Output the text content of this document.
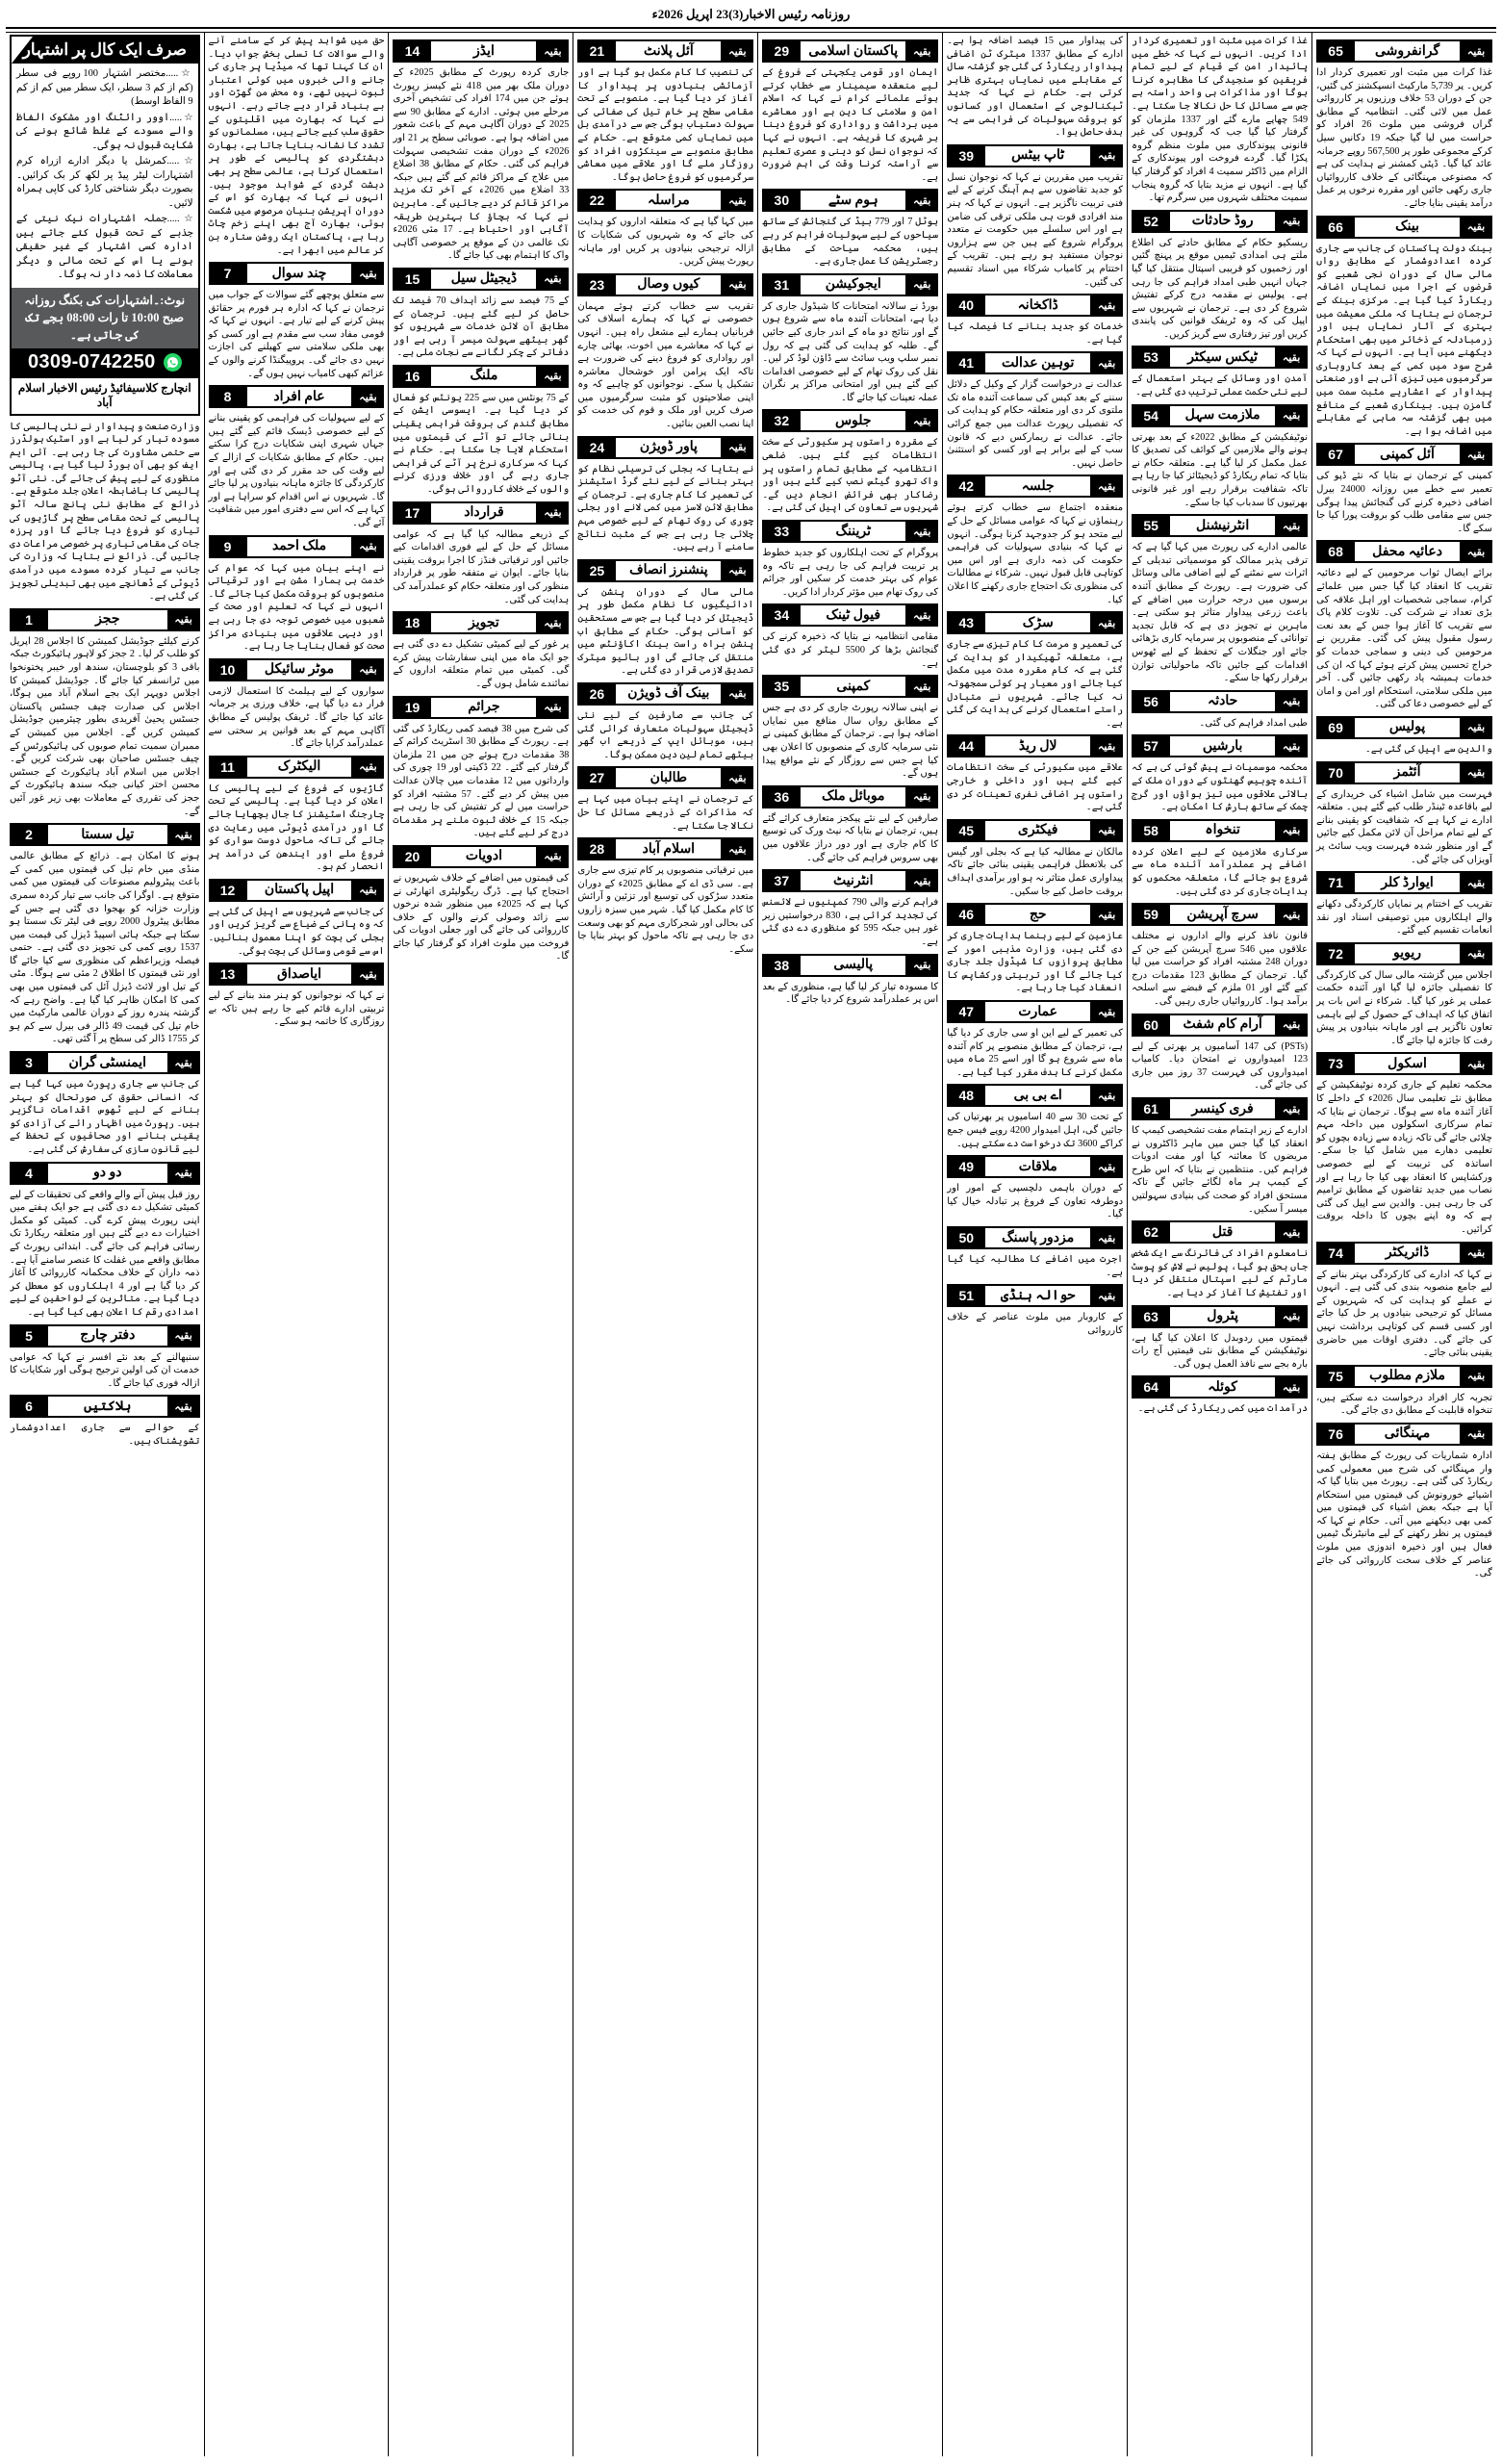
روزنامہ رئیس الاخبار(3)23 اپریل 2026ء
بقیہ
گرانفروشی
65

غذا کرات میں مثبت اور تعمیری کردار ادا کریں۔ پر 5,739 مارکیٹ انسپکشنز کی گئیں، جن کے دوران 53 خلاف ورزیوں پر کارروائی عمل میں لائی گئی۔ انتظامیہ کے مطابق گراں فروشی میں ملوث 26 افراد کو حراست میں لیا گیا جبکہ 19 دکانیں سیل کرکے مجموعی طور پر 567,500 روپے جرمانہ عائد کیا گیا۔ ڈپٹی کمشنر نے ہدایت کی ہے کہ مصنوعی مہنگائی کے خلاف کارروائیاں جاری رکھی جائیں اور مقررہ نرخوں پر عمل درآمد یقینی بنایا جائے۔

بقیہ
بینک
66

بینک دولت پاکستان کی جانب سے جاری کردہ اعدادوشمار کے مطابق رواں مالی سال کے دوران نجی شعبے کو قرضوں کے اجرا میں نمایاں اضافہ ریکارڈ کیا گیا ہے۔ مرکزی بینک کے ترجمان نے بتایا کہ ملکی معیشت میں بہتری کے آثار نمایاں ہیں اور زرمبادلہ کے ذخائر میں بھی استحکام دیکھنے میں آیا ہے۔ انہوں نے کہا کہ شرح سود میں کمی کے بعد کاروباری سرگرمیوں میں تیزی آئی ہے اور صنعتی پیداوار کے اعشاریے مثبت سمت میں گامزن ہیں۔ بینکاری شعبے کے منافع میں بھی گزشتہ سہ ماہی کے مقابلے میں اضافہ ہوا ہے۔

بقیہ
آئل کمپنی
67

کمپنی کے ترجمان نے بتایا کہ نئے ڈپو کی تعمیر سے خطے میں روزانہ 24000 بیرل اضافی ذخیرہ کرنے کی گنجائش پیدا ہوگی جس سے مقامی طلب کو بروقت پورا کیا جا سکے گا۔

بقیہ
دعائیہ محفل
68

برائے ایصال ثواب مرحومین کے لیے دعائیہ تقریب کا انعقاد کیا گیا جس میں علمائے کرام، سماجی شخصیات اور اہل علاقہ کی بڑی تعداد نے شرکت کی۔ تلاوت کلام پاک سے تقریب کا آغاز ہوا جس کے بعد نعت رسول مقبول پیش کی گئی۔ مقررین نے مرحومین کی دینی و سماجی خدمات کو خراج تحسین پیش کرتے ہوئے کہا کہ ان کی خدمات ہمیشہ یاد رکھی جائیں گی۔ آخر میں ملکی سلامتی، استحکام اور امن و امان کے لیے خصوصی دعا کی گئی۔

بقیہ
پولیس
69

والدین سے اپیل کی گئی ہے۔

بقیہ
آئٹمز
70

فہرست میں شامل اشیاء کی خریداری کے لیے باقاعدہ ٹینڈر طلب کیے گئے ہیں۔ متعلقہ ادارے نے کہا ہے کہ شفافیت کو یقینی بنانے کے لیے تمام مراحل آن لائن مکمل کیے جائیں گے اور منظور شدہ فہرست ویب سائٹ پر آویزاں کی جائے گی۔

بقیہ
ایوارڈ کلر
71

تقریب کے اختتام پر نمایاں کارکردگی دکھانے والے اہلکاروں میں توصیفی اسناد اور نقد انعامات تقسیم کیے گئے۔

بقیہ
ریویو
72

اجلاس میں گزشتہ مالی سال کی کارکردگی کا تفصیلی جائزہ لیا گیا اور آئندہ حکمت عملی پر غور کیا گیا۔ شرکاء نے اس بات پر اتفاق کیا کہ اہداف کے حصول کے لیے باہمی تعاون ناگزیر ہے اور ماہانہ بنیادوں پر پیش رفت کا جائزہ لیا جائے گا۔

بقیہ
اسکول
73

محکمہ تعلیم کے جاری کردہ نوٹیفکیشن کے مطابق نئے تعلیمی سال 2026ء کے داخلے کا آغاز آئندہ ماہ سے ہوگا۔ ترجمان نے بتایا کہ تمام سرکاری اسکولوں میں داخلہ مہم چلائی جائے گی تاکہ زیادہ سے زیادہ بچوں کو تعلیمی دھارے میں شامل کیا جا سکے۔ اساتذہ کی تربیت کے لیے خصوصی ورکشاپس کا انعقاد بھی کیا جا رہا ہے اور نصاب میں جدید تقاضوں کے مطابق ترامیم کی جا رہی ہیں۔ والدین سے اپیل کی گئی ہے کہ وہ اپنے بچوں کا داخلہ بروقت کرائیں۔

بقیہ
ڈائریکٹر
74

نے کہا کہ ادارے کی کارکردگی بہتر بنانے کے لیے جامع منصوبہ بندی کی گئی ہے۔ انہوں نے عملے کو ہدایت کی کہ شہریوں کے مسائل کو ترجیحی بنیادوں پر حل کیا جائے اور کسی قسم کی کوتاہی برداشت نہیں کی جائے گی۔ دفتری اوقات میں حاضری یقینی بنائی جائے۔

بقیہ
ملازم مطلوب
75

تجربہ کار افراد درخواست دے سکتے ہیں، تنخواہ قابلیت کے مطابق دی جائے گی۔

بقیہ
مہنگائی
76

ادارہ شماریات کی رپورٹ کے مطابق ہفتہ وار مہنگائی کی شرح میں معمولی کمی ریکارڈ کی گئی ہے۔ رپورٹ میں بتایا گیا کہ اشیائے خورونوش کی قیمتوں میں استحکام آیا ہے جبکہ بعض اشیاء کی قیمتوں میں کمی بھی دیکھنے میں آئی۔ حکام نے کہا کہ قیمتوں پر نظر رکھنے کے لیے مانیٹرنگ ٹیمیں فعال ہیں اور ذخیرہ اندوزی میں ملوث عناصر کے خلاف سخت کارروائی کی جائے گی۔

غذا کرات میں مثبت اور تعمیری کردار ادا کریں۔ انہوں نے کہا کہ خطے میں پائیدار امن کے قیام کے لیے تمام فریقین کو سنجیدگی کا مظاہرہ کرنا ہوگا اور مذاکرات ہی واحد راستہ ہے جس سے مسائل کا حل نکالا جا سکتا ہے۔ 549 چھاپے مارے گئے اور 1337 ملزمان کو گرفتار کیا گیا جب کہ گروہوں کی غیر قانونی پیوندکاری میں ملوث منظم گروہ پکڑا گیا۔ گردے فروخت اور پیوندکاری کے الزام میں ڈاکٹر سمیت 4 افراد کو گرفتار کیا گیا ہے۔ انہوں نے مزید بتایا کہ گروہ پنجاب سمیت مختلف شہروں میں سرگرم تھا۔

بقیہ
روڈ حادثات
52

ریسکیو حکام کے مطابق حادثے کی اطلاع ملتے ہی امدادی ٹیمیں موقع پر پہنچ گئیں اور زخمیوں کو قریبی اسپتال منتقل کیا گیا جہاں انہیں طبی امداد فراہم کی جا رہی ہے۔ پولیس نے مقدمہ درج کرکے تفتیش شروع کر دی ہے۔ ترجمان نے شہریوں سے اپیل کی کہ وہ ٹریفک قوانین کی پابندی کریں اور تیز رفتاری سے گریز کریں۔

بقیہ
ٹیکس سیکٹر
53

آمدن اور وسائل کے بہتر استعمال کے لیے نئی حکمت عملی ترتیب دی گئی ہے۔

بقیہ
ملازمت سہل
54

نوٹیفکیشن کے مطابق 2022ء کے بعد بھرتی ہونے والے ملازمین کے کوائف کی تصدیق کا عمل مکمل کر لیا گیا ہے۔ متعلقہ حکام نے بتایا کہ تمام ریکارڈ کو ڈیجیٹائز کیا جا رہا ہے تاکہ شفافیت برقرار رہے اور غیر قانونی بھرتیوں کا سدباب کیا جا سکے۔

بقیہ
انٹرنیشنل
55

عالمی ادارے کی رپورٹ میں کہا گیا ہے کہ ترقی پذیر ممالک کو موسمیاتی تبدیلی کے اثرات سے نمٹنے کے لیے اضافی مالی وسائل کی ضرورت ہے۔ رپورٹ کے مطابق آئندہ برسوں میں درجہ حرارت میں اضافے کے باعث زرعی پیداوار متاثر ہو سکتی ہے۔ ماہرین نے تجویز دی ہے کہ قابل تجدید توانائی کے منصوبوں پر سرمایہ کاری بڑھائی جائے اور جنگلات کے تحفظ کے لیے ٹھوس اقدامات کیے جائیں تاکہ ماحولیاتی توازن برقرار رکھا جا سکے۔

بقیہ
حادثہ
56

طبی امداد فراہم کی گئی۔

بقیہ
بارشیں
57

محکمہ موسمیات نے پیش گوئی کی ہے کہ آئندہ چوبیس گھنٹوں کے دوران ملک کے بالائی علاقوں میں تیز ہواؤں اور گرج چمک کے ساتھ بارش کا امکان ہے۔

بقیہ
تنخواہ
58

سرکاری ملازمین کے لیے اعلان کردہ اضافے پر عملدرآمد آئندہ ماہ سے شروع ہو جائے گا، متعلقہ محکموں کو ہدایات جاری کر دی گئی ہیں۔

بقیہ
سرچ آپریشن
59

قانون نافذ کرنے والے اداروں نے مختلف علاقوں میں 546 سرچ آپریشن کیے جن کے دوران 248 مشتبہ افراد کو حراست میں لیا گیا۔ ترجمان کے مطابق 123 مقدمات درج کیے گئے اور 01 ملزم کے قبضے سے اسلحہ برآمد ہوا۔ کارروائیاں جاری رہیں گی۔

بقیہ
آرام کام شفٹ
60

(PSTs) کی 147 آسامیوں پر بھرتی کے لیے 123 امیدواروں نے امتحان دیا۔ کامیاب امیدواروں کی فہرست 37 روز میں جاری کی جائے گی۔

بقیہ
فری کینسر
61

ادارے کے زیر اہتمام مفت تشخیصی کیمپ کا انعقاد کیا گیا جس میں ماہر ڈاکٹروں نے مریضوں کا معائنہ کیا اور مفت ادویات فراہم کیں۔ منتظمین نے بتایا کہ اس طرح کے کیمپ ہر ماہ لگائے جائیں گے تاکہ مستحق افراد کو صحت کی بنیادی سہولتیں میسر آ سکیں۔

بقیہ
قتل
62

نامعلوم افراد کی فائرنگ سے ایک شخص جاں بحق ہو گیا، پولیس نے لاش کو پوسٹ مارٹم کے لیے اسپتال منتقل کر دیا اور تفتیش کا آغاز کر دیا ہے۔

بقیہ
پٹرول
63

قیمتوں میں ردوبدل کا اعلان کیا گیا ہے، نوٹیفکیشن کے مطابق نئی قیمتیں آج رات بارہ بجے سے نافذ العمل ہوں گی۔

بقیہ
کوئلہ
64

درآمدات میں کمی ریکارڈ کی گئی ہے۔

کی پیداوار میں 15 فیصد اضافہ ہوا ہے۔ ادارے کے مطابق 1337 میٹرک ٹن اضافی پیداوار ریکارڈ کی گئی جو گزشتہ سال کے مقابلے میں نمایاں بہتری ظاہر کرتی ہے۔ حکام نے کہا کہ جدید ٹیکنالوجی کے استعمال اور کسانوں کو بروقت سہولیات کی فراہمی سے یہ ہدف حاصل ہوا۔

بقیہ
ٹاپ بیٹس
39

تقریب میں مقررین نے کہا کہ نوجوان نسل کو جدید تقاضوں سے ہم آہنگ کرنے کے لیے فنی تربیت ناگزیر ہے۔ انہوں نے کہا کہ ہنر مند افرادی قوت ہی ملکی ترقی کی ضامن ہے اور اس سلسلے میں حکومت نے متعدد پروگرام شروع کیے ہیں جن سے ہزاروں نوجوان مستفید ہو رہے ہیں۔ تقریب کے اختتام پر کامیاب شرکاء میں اسناد تقسیم کی گئیں۔

بقیہ
ڈاکخانہ
40

خدمات کو جدید بنانے کا فیصلہ کیا گیا ہے۔

بقیہ
توہین عدالت
41

عدالت نے درخواست گزار کے وکیل کے دلائل سننے کے بعد کیس کی سماعت آئندہ ماہ تک ملتوی کر دی اور متعلقہ حکام کو ہدایت کی کہ تفصیلی رپورٹ عدالت میں جمع کرائی جائے۔ عدالت نے ریمارکس دیے کہ قانون سب کے لیے برابر ہے اور کسی کو استثنیٰ حاصل نہیں۔

بقیہ
جلسہ
42

منعقدہ اجتماع سے خطاب کرتے ہوئے رہنماؤں نے کہا کہ عوامی مسائل کے حل کے لیے متحد ہو کر جدوجہد کرنا ہوگی۔ انہوں نے کہا کہ بنیادی سہولیات کی فراہمی حکومت کی ذمہ داری ہے اور اس میں کوتاہی قابل قبول نہیں۔ شرکاء نے مطالبات کی منظوری تک احتجاج جاری رکھنے کا اعلان کیا۔

بقیہ
سڑک
43

کی تعمیر و مرمت کا کام تیزی سے جاری ہے، متعلقہ ٹھیکیدار کو ہدایت کی گئی ہے کہ کام مقررہ مدت میں مکمل کیا جائے اور معیار پر کوئی سمجھوتہ نہ کیا جائے۔ شہریوں نے متبادل راستے استعمال کرنے کی ہدایت کی گئی ہے۔

بقیہ
لال ریڈ
44

علاقے میں سکیورٹی کے سخت انتظامات کیے گئے ہیں اور داخلی و خارجی راستوں پر اضافی نفری تعینات کر دی گئی ہے۔

بقیہ
فیکٹری
45

مالکان نے مطالبہ کیا ہے کہ بجلی اور گیس کی بلاتعطل فراہمی یقینی بنائی جائے تاکہ پیداواری عمل متاثر نہ ہو اور برآمدی اہداف بروقت حاصل کیے جا سکیں۔

بقیہ
حج
46

عازمین کے لیے رہنما ہدایات جاری کر دی گئی ہیں، وزارت مذہبی امور کے مطابق پروازوں کا شیڈول جلد جاری کیا جائے گا اور تربیتی ورکشاپس کا انعقاد کیا جا رہا ہے۔

بقیہ
عمارت
47

کی تعمیر کے لیے این او سی جاری کر دیا گیا ہے، ترجمان کے مطابق منصوبے پر کام آئندہ ماہ سے شروع ہو گا اور اسے 25 ماہ میں مکمل کرنے کا ہدف مقرر کیا گیا ہے۔

بقیہ
اے بی بی
48

کے تحت 30 سے 40 اسامیوں پر بھرتیاں کی جائیں گی، اہل امیدوار 4200 روپے فیس جمع کراکے 3600 تک درخواست دے سکتے ہیں۔

بقیہ
ملاقات
49

کے دوران باہمی دلچسپی کے امور اور دوطرفہ تعاون کے فروغ پر تبادلہ خیال کیا گیا۔

بقیہ
مزدور پاسنگ
50

اجرت میں اضافے کا مطالبہ کیا گیا ہے۔

بقیہ
حوالہ ہنڈی
51

کے کاروبار میں ملوث عناصر کے خلاف کارروائی

بقیہ
پاکستان اسلامی
29

ایمان اور قومی یکجہتی کے فروغ کے لیے منعقدہ سیمینار سے خطاب کرتے ہوئے علمائے کرام نے کہا کہ اسلام امن و سلامتی کا دین ہے اور معاشرے میں برداشت و رواداری کو فروغ دینا ہر شہری کا فریضہ ہے۔ انہوں نے کہا کہ نوجوان نسل کو دینی و عصری تعلیم سے آراستہ کرنا وقت کی اہم ضرورت ہے۔

بقیہ
ہوم سٹے
30

ہوٹل 7 اور 779 بیڈ کی گنجائش کے ساتھ سیاحوں کے لیے سہولیات فراہم کر رہے ہیں، محکمہ سیاحت کے مطابق رجسٹریشن کا عمل جاری ہے۔

بقیہ
ایجوکیشن
31

بورڈ نے سالانہ امتحانات کا شیڈول جاری کر دیا ہے، امتحانات آئندہ ماہ سے شروع ہوں گے اور نتائج دو ماہ کے اندر جاری کیے جائیں گے۔ طلبہ کو ہدایت کی گئی ہے کہ رول نمبر سلپ ویب سائٹ سے ڈاؤن لوڈ کر لیں۔ نقل کی روک تھام کے لیے خصوصی اقدامات کیے گئے ہیں اور امتحانی مراکز پر نگران عملہ تعینات کیا جائے گا۔

بقیہ
جلوس
32

کے مقررہ راستوں پر سکیورٹی کے سخت انتظامات کیے گئے ہیں۔ ضلعی انتظامیہ کے مطابق تمام راستوں پر واک تھرو گیٹس نصب کیے گئے ہیں اور رضاکار بھی فرائض انجام دیں گے۔ شہریوں سے تعاون کی اپیل کی گئی ہے۔

بقیہ
ٹریننگ
33

پروگرام کے تحت اہلکاروں کو جدید خطوط پر تربیت فراہم کی جا رہی ہے تاکہ وہ عوام کی بہتر خدمت کر سکیں اور جرائم کی روک تھام میں مؤثر کردار ادا کریں۔

بقیہ
فیول ٹینک
34

مقامی انتظامیہ نے بتایا کہ ذخیرہ کرنے کی گنجائش بڑھا کر 5500 لیٹر کر دی گئی ہے۔

بقیہ
کمپنی
35

نے اپنی سالانہ رپورٹ جاری کر دی ہے جس کے مطابق رواں سال منافع میں نمایاں اضافہ ہوا ہے۔ ترجمان کے مطابق کمپنی نے نئی سرمایہ کاری کے منصوبوں کا اعلان بھی کیا ہے جس سے روزگار کے نئے مواقع پیدا ہوں گے۔

بقیہ
موبائل ملک
36

صارفین کے لیے نئے پیکجز متعارف کرائے گئے ہیں، ترجمان نے بتایا کہ نیٹ ورک کی توسیع کا کام جاری ہے اور دور دراز علاقوں میں بھی سروس فراہم کی جائے گی۔

بقیہ
انٹرنیٹ
37

فراہم کرنے والی 790 کمپنیوں نے لائسنس کی تجدید کرائی ہے، 830 درخواستیں زیر غور ہیں جبکہ 595 کو منظوری دے دی گئی ہے۔

بقیہ
پالیسی
38

کا مسودہ تیار کر لیا گیا ہے، منظوری کے بعد اس پر عملدرآمد شروع کر دیا جائے گا۔

بقیہ
آئل پلانٹ
21

کی تنصیب کا کام مکمل ہو گیا ہے اور آزمائشی بنیادوں پر پیداوار کا آغاز کر دیا گیا ہے۔ منصوبے کے تحت مقامی سطح پر خام تیل کی صفائی کی سہولت دستیاب ہوگی جس سے درآمدی بل میں نمایاں کمی متوقع ہے۔ حکام کے مطابق منصوبے سے سینکڑوں افراد کو روزگار ملے گا اور علاقے میں معاشی سرگرمیوں کو فروغ حاصل ہوگا۔

بقیہ
مراسلہ
22

میں کہا گیا ہے کہ متعلقہ اداروں کو ہدایت کی جائے کہ وہ شہریوں کی شکایات کا ازالہ ترجیحی بنیادوں پر کریں اور ماہانہ رپورٹ پیش کریں۔

بقیہ
کیوں وصال
23

تقریب سے خطاب کرتے ہوئے مہمان خصوصی نے کہا کہ ہمارے اسلاف کی قربانیاں ہمارے لیے مشعل راہ ہیں۔ انہوں نے کہا کہ معاشرے میں اخوت، بھائی چارے اور رواداری کو فروغ دینے کی ضرورت ہے تاکہ ایک پرامن اور خوشحال معاشرہ تشکیل پا سکے۔ نوجوانوں کو چاہیے کہ وہ اپنی صلاحیتوں کو مثبت سرگرمیوں میں صرف کریں اور ملک و قوم کی خدمت کو اپنا نصب العین بنائیں۔

بقیہ
پاور ڈویژن
24

نے بتایا کہ بجلی کی ترسیلی نظام کو بہتر بنانے کے لیے نئے گرڈ اسٹیشنز کی تعمیر کا کام جاری ہے۔ ترجمان کے مطابق لائن لاسز میں کمی لانے اور بجلی چوری کی روک تھام کے لیے خصوصی مہم چلائی جا رہی ہے جس کے مثبت نتائج سامنے آ رہے ہیں۔

بقیہ
پنشنرز انصاف
25

مالی سال کے دوران پنشن کی ادائیگیوں کا نظام مکمل طور پر ڈیجیٹل کر دیا گیا ہے جس سے مستحقین کو آسانی ہوگی۔ حکام کے مطابق اب پنشن براہ راست بینک اکاؤنٹس میں منتقل کی جائے گی اور بائیو میٹرک تصدیق لازمی قرار دی گئی ہے۔

بقیہ
بینک آف ڈویژن
26

کی جانب سے صارفین کے لیے نئی ڈیجیٹل سہولیات متعارف کرائی گئی ہیں، موبائل ایپ کے ذریعے اب گھر بیٹھے تمام لین دین ممکن ہوگا۔

بقیہ
طالبان
27

کے ترجمان نے اپنے بیان میں کہا ہے کہ مذاکرات کے ذریعے مسائل کا حل نکالا جا سکتا ہے۔

بقیہ
اسلام آباد
28

میں ترقیاتی منصوبوں پر کام تیزی سے جاری ہے۔ سی ڈی اے کے مطابق 2025ء کے دوران متعدد سڑکوں کی توسیع اور تزئین و آرائش کا کام مکمل کیا گیا۔ شہر میں سبزہ زاروں کی بحالی اور شجرکاری مہم کو بھی وسعت دی جا رہی ہے تاکہ ماحول کو بہتر بنایا جا سکے۔

بقیہ
ایڈز
14

جاری کردہ رپورٹ کے مطابق 2025ء کے دوران ملک بھر میں 418 نئے کیسز رپورٹ ہوئے جن میں 174 افراد کی تشخیص آخری مرحلے میں ہوئی۔ ادارے کے مطابق 90 سے 2025 کے دوران آگاہی مہم کے باعث شعور میں اضافہ ہوا ہے۔ صوبائی سطح پر 21 اور 2026ء کے دوران مفت تشخیصی سہولت فراہم کی گئی۔ حکام کے مطابق 38 اضلاع میں علاج کے مراکز قائم کیے گئے ہیں جبکہ 33 اضلاع میں 2026ء کے آخر تک مزید مراکز قائم کر دیے جائیں گے۔ ماہرین نے کہا کہ بچاؤ کا بہترین طریقہ آگاہی اور احتیاط ہے۔ 17 مئی 2026ء تک عالمی دن کے موقع پر خصوصی آگاہی واک کا اہتمام بھی کیا جائے گا۔

بقیہ
ڈیجیٹل سیل
15

کے 75 فیصد سے زائد اہداف 70 فیصد تک حاصل کر لیے گئے ہیں۔ ترجمان کے مطابق آن لائن خدمات سے شہریوں کو گھر بیٹھے سہولت میسر آ رہی ہے اور دفاتر کے چکر لگانے سے نجات ملی ہے۔

بقیہ
ملنگ
16

کے 75 یونٹس میں سے 225 یونٹس کو فعال کر دیا گیا ہے۔ ایسوسی ایشن کے مطابق گندم کی بروقت فراہمی یقینی بنائی جائے تو آٹے کی قیمتوں میں استحکام لایا جا سکتا ہے۔ حکام نے کہا کہ سرکاری نرخ پر آٹے کی فراہمی جاری رہے گی اور خلاف ورزی کرنے والوں کے خلاف کارروائی ہوگی۔

بقیہ
قرارداد
17

کے ذریعے مطالبہ کیا گیا ہے کہ عوامی مسائل کے حل کے لیے فوری اقدامات کیے جائیں اور ترقیاتی فنڈز کا اجرا بروقت یقینی بنایا جائے۔ ایوان نے متفقہ طور پر قرارداد منظور کی اور متعلقہ حکام کو عملدرآمد کی ہدایت کی گئی۔

بقیہ
تجویز
18

پر غور کے لیے کمیٹی تشکیل دے دی گئی ہے جو ایک ماہ میں اپنی سفارشات پیش کرے گی۔ کمیٹی میں تمام متعلقہ اداروں کے نمائندے شامل ہوں گے۔

بقیہ
جرائم
19

کی شرح میں 38 فیصد کمی ریکارڈ کی گئی ہے۔ رپورٹ کے مطابق 30 اسٹریٹ کرائم کے 38 مقدمات درج ہوئے جن میں 21 ملزمان گرفتار کیے گئے۔ 22 ڈکیتی اور 19 چوری کی وارداتوں میں 12 مقدمات میں چالان عدالت میں پیش کر دیے گئے۔ 57 مشتبہ افراد کو حراست میں لے کر تفتیش کی جا رہی ہے جبکہ 15 کے خلاف ثبوت ملنے پر مقدمات درج کر لیے گئے ہیں۔

بقیہ
ادویات
20

کی قیمتوں میں اضافے کے خلاف شہریوں نے احتجاج کیا ہے۔ ڈرگ ریگولیٹری اتھارٹی نے کہا ہے کہ 2025ء میں منظور شدہ نرخوں سے زائد وصولی کرنے والوں کے خلاف کارروائی کی جائے گی اور جعلی ادویات کی فروخت میں ملوث افراد کو گرفتار کیا جائے گا۔

حق میں شواہد پیش کر کے سامنے آنے والے سوالات کا تسلی بخش جواب دیا۔ ان کا کہنا تھا کہ میڈیا پر جاری کی جانے والی خبروں میں کوئی اعتبار ثبوت نہیں تھے، وہ محض من گھڑت اور بے بنیاد قرار دیے جاتے رہے۔ انہوں نے کہا کہ بھارت میں اقلیتوں کے حقوق سلب کیے جاتے ہیں، مسلمانوں کو تشدد کا نشانہ بنایا جاتا ہے، بھارت دہشتگردی کو پالیسی کے طور پر استعمال کرتا ہے، عالمی سطح پر بھی دہشت گردی کے شواہد موجود ہیں۔ انہوں نے کہا کہ بھارت کو اس کے دوران آپریشن بنیان مرصوص میں شکست ہوئی، بھارت آج بھی اپنے زخم چاٹ رہا ہے، پاکستان ایک روشن ستارہ بن کر عالم میں ابھرا ہے۔

بقیہ
چند سوال
7

سے متعلق پوچھے گئے سوالات کے جواب میں ترجمان نے کہا کہ ادارہ ہر فورم پر حقائق پیش کرنے کے لیے تیار ہے۔ انہوں نے کہا کہ قومی مفاد سب سے مقدم ہے اور کسی کو بھی ملکی سلامتی سے کھیلنے کی اجازت نہیں دی جائے گی۔ پروپیگنڈا کرنے والوں کے عزائم کبھی کامیاب نہیں ہوں گے۔

بقیہ
عام افراد
8

کے لیے سہولیات کی فراہمی کو یقینی بنانے کے لیے خصوصی ڈیسک قائم کیے گئے ہیں جہاں شہری اپنی شکایات درج کرا سکتے ہیں۔ حکام کے مطابق شکایات کے ازالے کے لیے وقت کی حد مقرر کر دی گئی ہے اور کارکردگی کا جائزہ ماہانہ بنیادوں پر لیا جائے گا۔ شہریوں نے اس اقدام کو سراہا ہے اور کہا ہے کہ اس سے دفتری امور میں شفافیت آئے گی۔

بقیہ
ملک احمد
9

نے اپنے بیان میں کہا کہ عوام کی خدمت ہی ہمارا مشن ہے اور ترقیاتی منصوبوں کو بروقت مکمل کیا جائے گا۔ انہوں نے کہا کہ تعلیم اور صحت کے شعبوں میں خصوصی توجہ دی جا رہی ہے اور دیہی علاقوں میں بنیادی مراکز صحت کو فعال بنایا جا رہا ہے۔

بقیہ
موٹر سائیکل
10

سواروں کے لیے ہیلمٹ کا استعمال لازمی قرار دے دیا گیا ہے، خلاف ورزی پر جرمانہ عائد کیا جائے گا۔ ٹریفک پولیس کے مطابق آگاہی مہم کے بعد قوانین پر سختی سے عملدرآمد کرایا جائے گا۔

بقیہ
الیکٹرک
11

گاڑیوں کے فروغ کے لیے پالیسی کا اعلان کر دیا گیا ہے۔ پالیسی کے تحت چارجنگ اسٹیشنز کا جال بچھایا جائے گا اور درآمدی ڈیوٹی میں رعایت دی جائے گی تاکہ ماحول دوست سواری کو فروغ ملے اور ایندھن کی درآمد پر انحصار کم ہو۔

بقیہ
اپیل پاکستان
12

کی جانب سے شہریوں سے اپیل کی گئی ہے کہ وہ پانی کے ضیاع سے گریز کریں اور بجلی کی بچت کو اپنا معمول بنائیں۔ اس سے قومی وسائل کی بچت ہوگی۔

بقیہ
ایاصداق
13

نے کہا کہ نوجوانوں کو ہنر مند بنانے کے لیے تربیتی ادارے قائم کیے جا رہے ہیں تاکہ بے روزگاری کا خاتمہ ہو سکے۔

صرف ایک کال پر اشتہار

☆.....مختصر اشتہار 100 روپے فی سطر (کم از کم 3 سطر، ایک سطر میں کم از کم 9 الفاظ اوسط)

☆.....اوور رائٹنگ اور مشکوک الفاظ والے مسودے کے غلط شائع ہونے کی شکایت قبول نہ ہوگی۔

☆.....کمرشل یا دیگر ادارے ازراہ کرم اشتہارات لیٹر پیڈ پر لکھ کر بک کرائیں۔ بصورت دیگر شناختی کارڈ کی کاپی ہمراہ لائیں۔

☆.....جملہ اشتہارات نیک نیتی کے جذبے کے تحت قبول کئے جاتے ہیں ادارہ کسی اشتہار کے غیر حقیقی ہونے یا اس کے تحت مالی و دیگر معاملات کا ذمہ دار نہ ہوگا۔

نوٹ:۔اشتہارات کی بکنگ روزانہ صبح 10:00 تا رات 08:00 بجے تک کی جاتی ہے۔
0309-0742250
انچارج کلاسیفائیڈ رئیس الاخبار اسلام آباد

وزارت صنعت و پیداوار نے نئی پالیسی کا مسودہ تیار کر لیا ہے اور اسٹیک ہولڈرز سے حتمی مشاورت کی جا رہی ہے۔ آئی ایم ایف کو بھی آن بورڈ لیا گیا ہے، پالیسی منظوری کے لیے پیش کی جائے گی۔ نئی آٹو پالیسی کا باضابطہ اعلان جلد متوقع ہے۔ ذرائع کے مطابق نئی پانچ سالہ آٹو پالیسی کے تحت مقامی سطح پر گاڑیوں کی تیاری کو فروغ دیا جائے گا اور پرزہ جات کی مقامی تیاری پر خصوصی مراعات دی جائیں گی۔ ذرائع نے بتایا کہ وزارت کی جانب سے تیار کردہ مسودے میں درآمدی ڈیوٹی کے ڈھانچے میں بھی تبدیلی تجویز کی گئی ہے۔

بقیہ
ججز
1

کرنے کیلئے جوڈیشل کمیشن کا اجلاس 28 اپریل کو طلب کر لیا۔ 2 ججز کو لاہور ہائیکورٹ جبکہ باقی 3 کو بلوچستان، سندھ اور خیبر پختونخوا میں ٹرانسفر کیا جائے گا۔ جوڈیشل کمیشن کا اجلاس دوپہر ایک بجے اسلام آباد میں ہوگا، اجلاس کی صدارت چیف جسٹس پاکستان جسٹس یحییٰ آفریدی بطور چیئرمین جوڈیشل کمیشن کریں گے۔ اجلاس میں کمیشن کے ممبران سمیت تمام صوبوں کی ہائیکورٹس کے چیف جسٹس صاحبان بھی شرکت کریں گے۔ اجلاس میں اسلام آباد ہائیکورٹ کے جسٹس محسن اختر کیانی جبکہ سندھ ہائیکورٹ کے ججز کی تقرری کے معاملات بھی زیر غور آئیں گے۔

بقیہ
تیل سستا
2

ہونے کا امکان ہے۔ ذرائع کے مطابق عالمی منڈی میں خام تیل کی قیمتوں میں کمی کے باعث پیٹرولیم مصنوعات کی قیمتوں میں کمی متوقع ہے۔ اوگرا کی جانب سے تیار کردہ سمری وزارت خزانہ کو بھجوا دی گئی ہے جس کے مطابق پیٹرول 2000 روپے فی لیٹر تک سستا ہو سکتا ہے جبکہ ہائی اسپیڈ ڈیزل کی قیمت میں 1537 روپے کمی کی تجویز دی گئی ہے۔ حتمی فیصلہ وزیراعظم کی منظوری سے کیا جائے گا اور نئی قیمتوں کا اطلاق 2 مئی سے ہوگا۔ مٹی کے تیل اور لائٹ ڈیزل آئل کی قیمتوں میں بھی کمی کا امکان ظاہر کیا گیا ہے۔ واضح رہے کہ گزشتہ پندرہ روز کے دوران عالمی مارکیٹ میں خام تیل کی قیمت 49 ڈالر فی بیرل سے کم ہو کر 1755 ڈالر کی سطح پر آ گئی تھی۔

بقیہ
ایمنسٹی گران
3

کی جانب سے جاری رپورٹ میں کہا گیا ہے کہ انسانی حقوق کی صورتحال کو بہتر بنانے کے لیے ٹھوس اقدامات ناگزیر ہیں۔ رپورٹ میں اظہار رائے کی آزادی کو یقینی بنانے اور صحافیوں کے تحفظ کے لیے قانون سازی کی سفارش کی گئی ہے۔

بقیہ
دو دو
4

روز قبل پیش آنے والے واقعے کی تحقیقات کے لیے کمیٹی تشکیل دے دی گئی ہے جو ایک ہفتے میں اپنی رپورٹ پیش کرے گی۔ کمیٹی کو مکمل اختیارات دے دیے گئے ہیں اور متعلقہ ریکارڈ تک رسائی فراہم کی جائے گی۔ ابتدائی رپورٹ کے مطابق واقعے میں غفلت کا عنصر سامنے آیا ہے۔ ذمہ داران کے خلاف محکمانہ کارروائی کا آغاز کر دیا گیا ہے اور 4 اہلکاروں کو معطل کر دیا گیا ہے۔ متاثرین کے لواحقین کے لیے امدادی رقم کا اعلان بھی کیا گیا ہے۔

بقیہ
دفتر چارج
5

سنبھالنے کے بعد نئے افسر نے کہا کہ عوامی خدمت ان کی اولین ترجیح ہوگی اور شکایات کا ازالہ فوری کیا جائے گا۔

بقیہ
ہلاکتیں
6

کے حوالے سے جاری اعدادوشمار تشویشناک ہیں۔
